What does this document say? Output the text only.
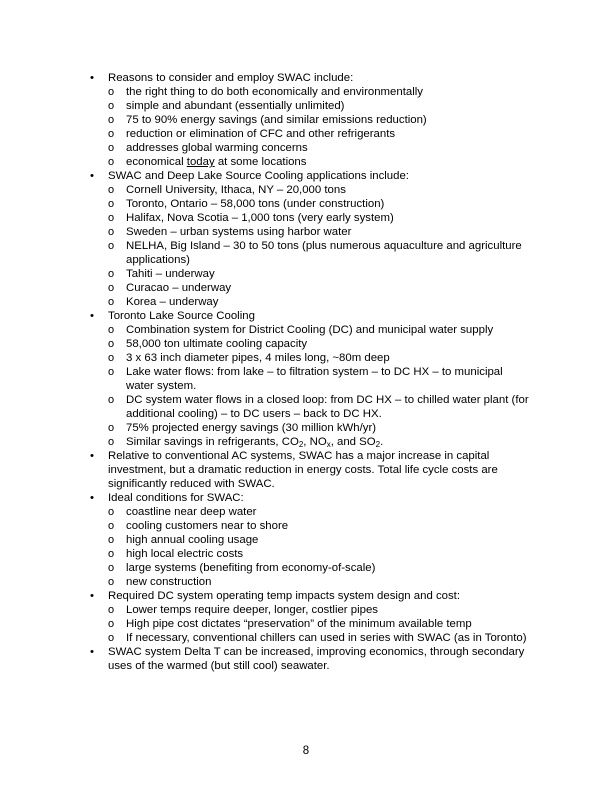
•
Reasons to consider and employ SWAC include:
o
the right thing to do both economically and environmentally
o
simple and abundant (essentially unlimited)
o
75 to 90% energy savings (and similar emissions reduction)
o
reduction or elimination of CFC and other refrigerants
o
addresses global warming concerns
o
economical today at some locations
•
SWAC and Deep Lake Source Cooling applications include:
o
Cornell University, Ithaca, NY – 20,000 tons
o
Toronto, Ontario – 58,000 tons (under construction)
o
Halifax, Nova Scotia – 1,000 tons (very early system)
o
Sweden – urban systems using harbor water
o
NELHA, Big Island – 30 to 50 tons (plus numerous aquaculture and agriculture applications)
o
Tahiti – underway
o
Curacao – underway
o
Korea – underway
•
Toronto Lake Source Cooling
o
Combination system for District Cooling (DC) and municipal water supply
o
58,000 ton ultimate cooling capacity
o
3 x 63 inch diameter pipes, 4 miles long, ~80m deep
o
Lake water flows: from lake – to filtration system – to DC HX – to municipal water system.
o
DC system water flows in a closed loop: from DC HX – to chilled water plant (for additional cooling) – to DC users – back to DC HX.
o
75% projected energy savings (30 million kWh/yr)
o
Similar savings in refrigerants, $CO_2$, $NO_x$, and $SO_2$.
•
Relative to conventional AC systems, SWAC has a major increase in capital investment, but a dramatic reduction in energy costs. Total life cycle costs are significantly reduced with SWAC.
•
Ideal conditions for SWAC:
o
coastline near deep water
o
cooling customers near to shore
o
high annual cooling usage
o
high local electric costs
o
large systems (benefiting from economy-of-scale)
o
new construction
•
Required DC system operating temp impacts system design and cost:
o
Lower temps require deeper, longer, costlier pipes
o
High pipe cost dictates “preservation” of the minimum available temp
o
If necessary, conventional chillers can used in series with SWAC (as in Toronto)
•
SWAC system Delta T can be increased, improving economics, through secondary uses of the warmed (but still cool) seawater.
8
